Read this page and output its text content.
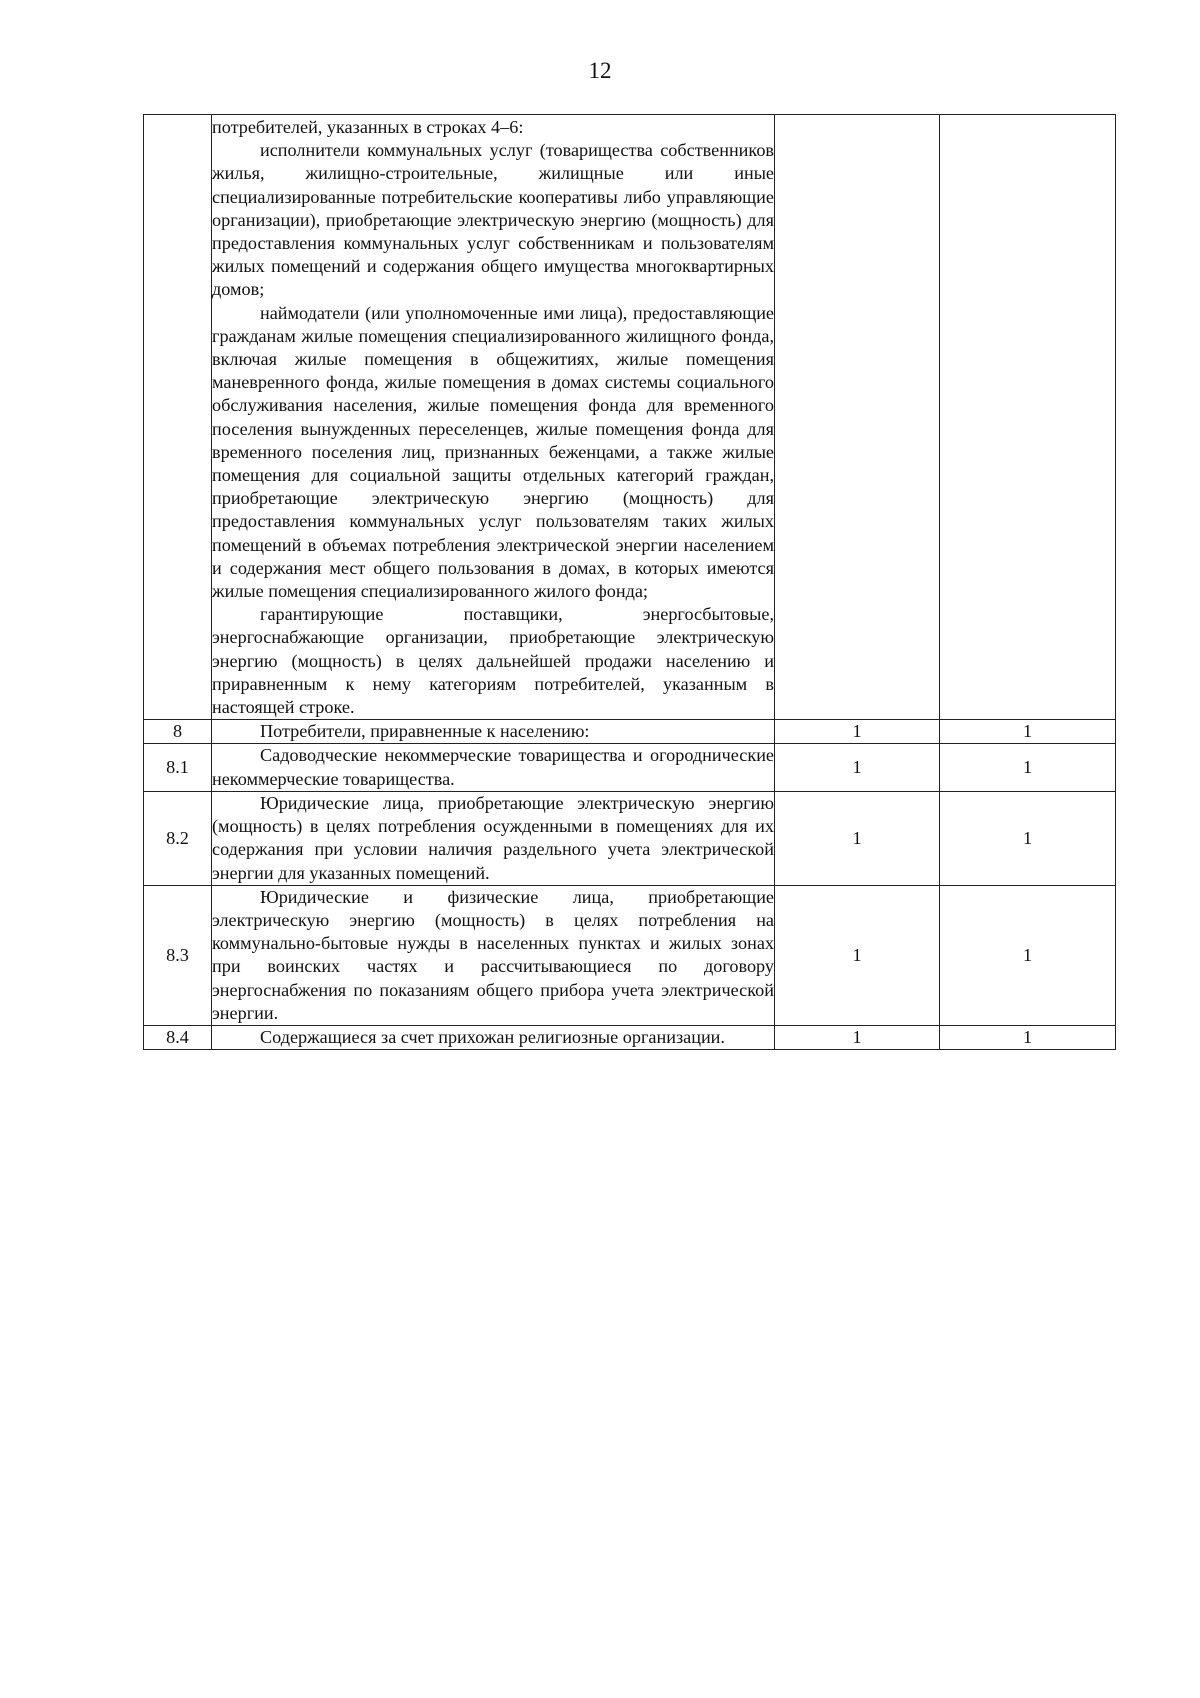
12

	потребителей, указанных в строках 4–6:
исполнители коммунальных услуг (товарищества собственников жилья, жилищно-строительные, жилищные или иные специализированные потребительские кооперативы либо управляющие организации), приобретающие электрическую энергию (мощность) для предоставления коммунальных услуг собственникам и пользователям жилых помещений и содержания общего имущества многоквартирных домов;
наймодатели (или уполномоченные ими лица), предоставляющие гражданам жилые помещения специализированного жилищного фонда, включая жилые помещения в общежитиях, жилые помещения маневренного фонда, жилые помещения в домах системы социального обслуживания населения, жилые помещения фонда для временного поселения вынужденных переселенцев, жилые помещения фонда для временного поселения лиц, признанных беженцами, а также жилые помещения для социальной защиты отдельных категорий граждан, приобретающие электрическую энергию (мощность) для предоставления коммунальных услуг пользователям таких жилых помещений в объемах потребления электрической энергии населением и содержания мест общего пользования в домах, в которых имеются жилые помещения специализированного жилого фонда;
гарантирующие поставщики, энергосбытовые, энергоснабжающие организации, приобретающие электрическую энергию (мощность) в целях дальнейшей продажи населению и приравненным к нему категориям потребителей, указанным в настоящей строке.		

8	Потребители, приравненные к населению:	1	1
8.1	Садоводческие некоммерческие товарищества и огороднические некоммерческие товарищества.	1	1
8.2	Юридические лица, приобретающие электрическую энергию (мощность) в целях потребления осужденными в помещениях для их содержания при условии наличия раздельного учета электрической энергии для указанных помещений.	1	1
8.3	Юридические и физические лица, приобретающие электрическую энергию (мощность) в целях потребления на коммунально-бытовые нужды в населенных пунктах и жилых зонах при воинских частях и рассчитывающиеся по договору энергоснабжения по показаниям общего прибора учета электрической энергии.	1	1
8.4	Содержащиеся за счет прихожан религиозные организации.	1	1
